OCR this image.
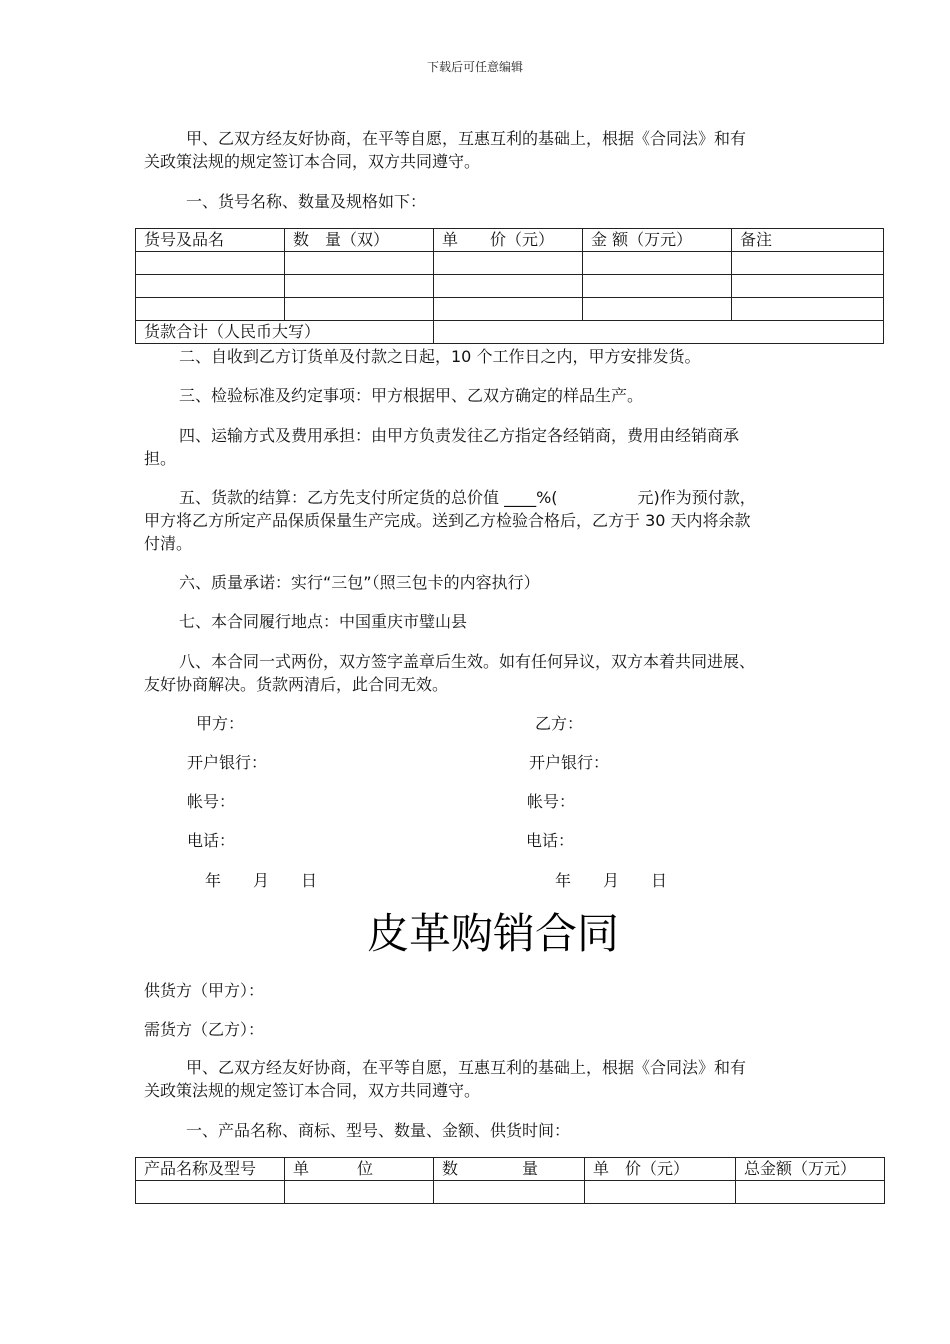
下载后可任意编辑
甲、乙双方经友好协商，在平等自愿，互惠互利的基础上，根据《合同法》和有
关政策法规的规定签订本合同，双方共同遵守。
一、货号名称、数量及规格如下：
货号及品名	数　量（双）	单　　价（元）	金 额（万元）	备注

货款合计（人民币大写）				
二、自收到乙方订货单及付款之日起，10 个工作日之内，甲方安排发货。
三、检验标准及约定事项：甲方根据甲、乙双方确定的样品生产。
四、运输方式及费用承担：由甲方负责发往乙方指定各经销商，费用由经销商承
担。
五、货款的结算：乙方先支付所定货的总价值 ____%(　　　　　元)作为预付款，
甲方将乙方所定产品保质保量生产完成。送到乙方检验合格后，乙方于 30 天内将余款
付清。
六、质量承诺：实行“三包”（照三包卡的内容执行）
七、本合同履行地点：中国重庆市璧山县
八、本合同一式两份，双方签字盖章后生效。如有任何异议，双方本着共同进展、
友好协商解决。货款两清后，此合同无效。
甲方：	乙方：
开户银行：	开户银行：
帐号：	帐号：
电话：	电话：
年　　月　　日	年　　月　　日
皮革购销合同
供货方（甲方）：
需货方（乙方）：
甲、乙双方经友好协商，在平等自愿，互惠互利的基础上，根据《合同法》和有
关政策法规的规定签订本合同，双方共同遵守。
一、产品名称、商标、型号、数量、金额、供货时间：
产品名称及型号	单　　　位	数　　　　量	单　价（元）	总金额（万元）
